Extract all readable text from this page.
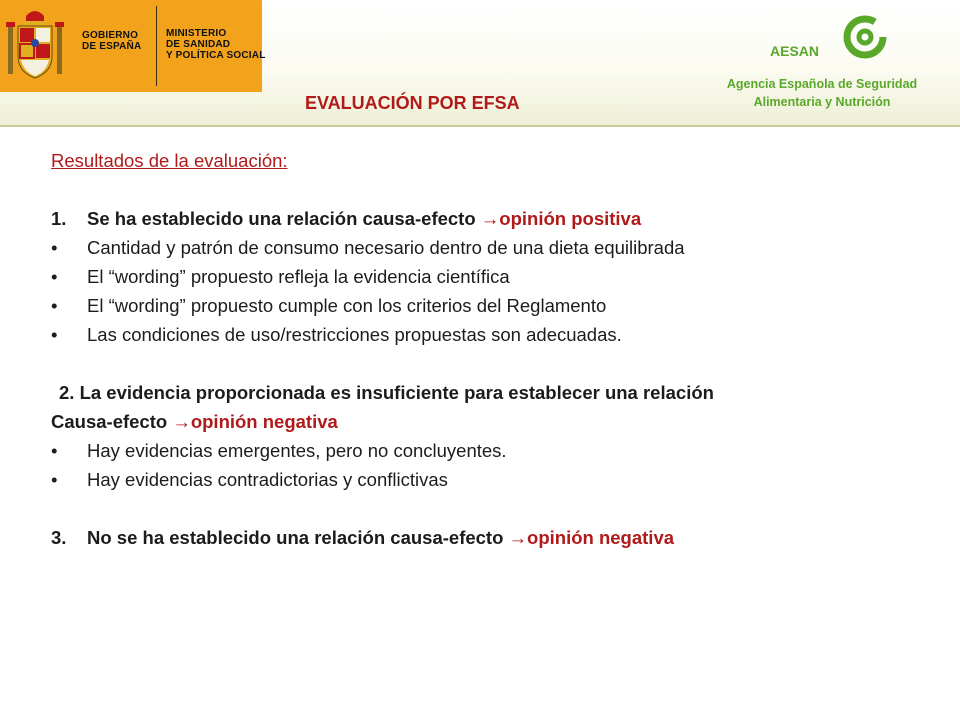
GOBIERNO
DE ESPAÑA
MINISTERIO
DE SANIDAD
Y POLÍTICA SOCIAL	AESAN
Agencia Española de Seguridad
Alimentaria y Nutrición
EVALUACIÓN POR EFSA
Resultados de la evaluación:
1. Se ha establecido una relación causa-efecto →opinión positiva
• Cantidad y patrón de consumo necesario dentro de una dieta equilibrada
• El “wording” propuesto refleja la evidencia científica
• El “wording” propuesto cumple con los criterios del Reglamento
• Las condiciones de uso/restricciones propuestas son adecuadas.
2. La evidencia proporcionada es insuficiente para establecer una relación
Causa-efecto →opinión negativa
• Hay evidencias emergentes, pero no concluyentes.
• Hay evidencias contradictorias y conflictivas
3. No se ha establecido una relación causa-efecto →opinión negativa
